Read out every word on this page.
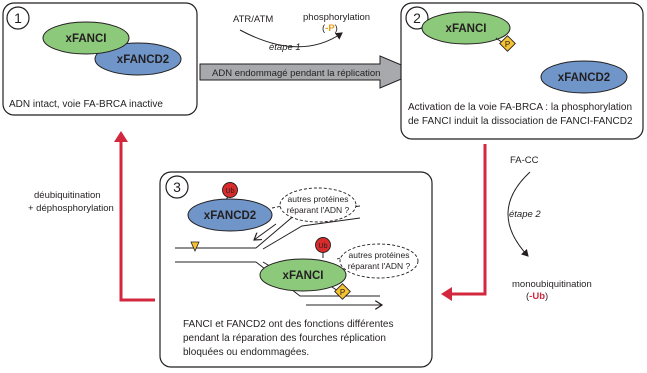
1
xFANCI
xFANCD2
ADN intact, voie FA-BRCA inactive
ADN endommagé pendant la réplication
ATR/ATM
étape 1
phosphorylation
(-P)
2
xFANCI
P
xFANCD2
Activation de la voie FA-BRCA : la phosphorylation
de FANCI induit la dissociation de FANCI-FANCD2
FA-CC
étape 2
monoubiquitination
(-Ub)
déubiquitination
+ déphosphorylation
3	Ub
xFANCD2
autres protéines
réparant l'ADN ?
Ub
xFANCI
P
autres protéines
réparant l'ADN ?
FANCI et FANCD2 ont des fonctions différentes
pendant la réparation des fourches réplication
bloquées ou endommagées.
